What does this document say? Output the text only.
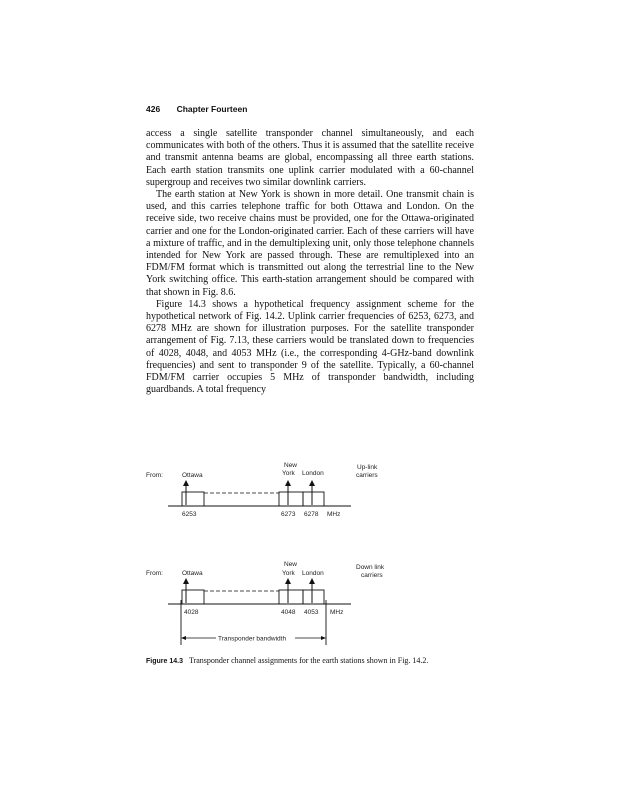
426 Chapter Fourteen

access a single satellite transponder channel simultaneously, and each communicates with both of the others. Thus it is assumed that the satellite receive and transmit antenna beams are global, encompassing all three earth stations. Each earth station transmits one uplink carrier modulated with a 60-channel supergroup and receives two similar downlink carriers.

The earth station at New York is shown in more detail. One transmit chain is used, and this carries telephone traffic for both Ottawa and London. On the receive side, two receive chains must be provided, one for the Ottawa-originated carrier and one for the London-originated carrier. Each of these carriers will have a mixture of traffic, and in the demultiplexing unit, only those telephone channels intended for New York are passed through. These are remultiplexed into an FDM/FM format which is transmitted out along the terrestrial line to the New York switching office. This earth-station arrangement should be compared with that shown in Fig. 8.6.

Figure 14.3 shows a hypothetical frequency assignment scheme for the hypothetical network of Fig. 14.2. Uplink carrier frequencies of 6253, 6273, and 6278 MHz are shown for illustration purposes. For the satellite transponder arrangement of Fig. 7.13, these carriers would be translated down to frequencies of 4028, 4048, and 4053 MHz (i.e., the corresponding 4-GHz-band downlink frequencies) and sent to transponder 9 of the satellite. Typically, a 60-channel FDM/FM carrier occupies 5 MHz of transponder bandwidth, including guardbands. A total frequency

From:	Ottawa
New
York London
Up-link
carriers
6253	6273 6278 MHz
From:	Ottawa
New
York London
Down link
carriers
4028	4048 4053 MHz
Transponder bandwidth
Figure 14.3 Transponder channel assignments for the earth stations shown in Fig. 14.2.
